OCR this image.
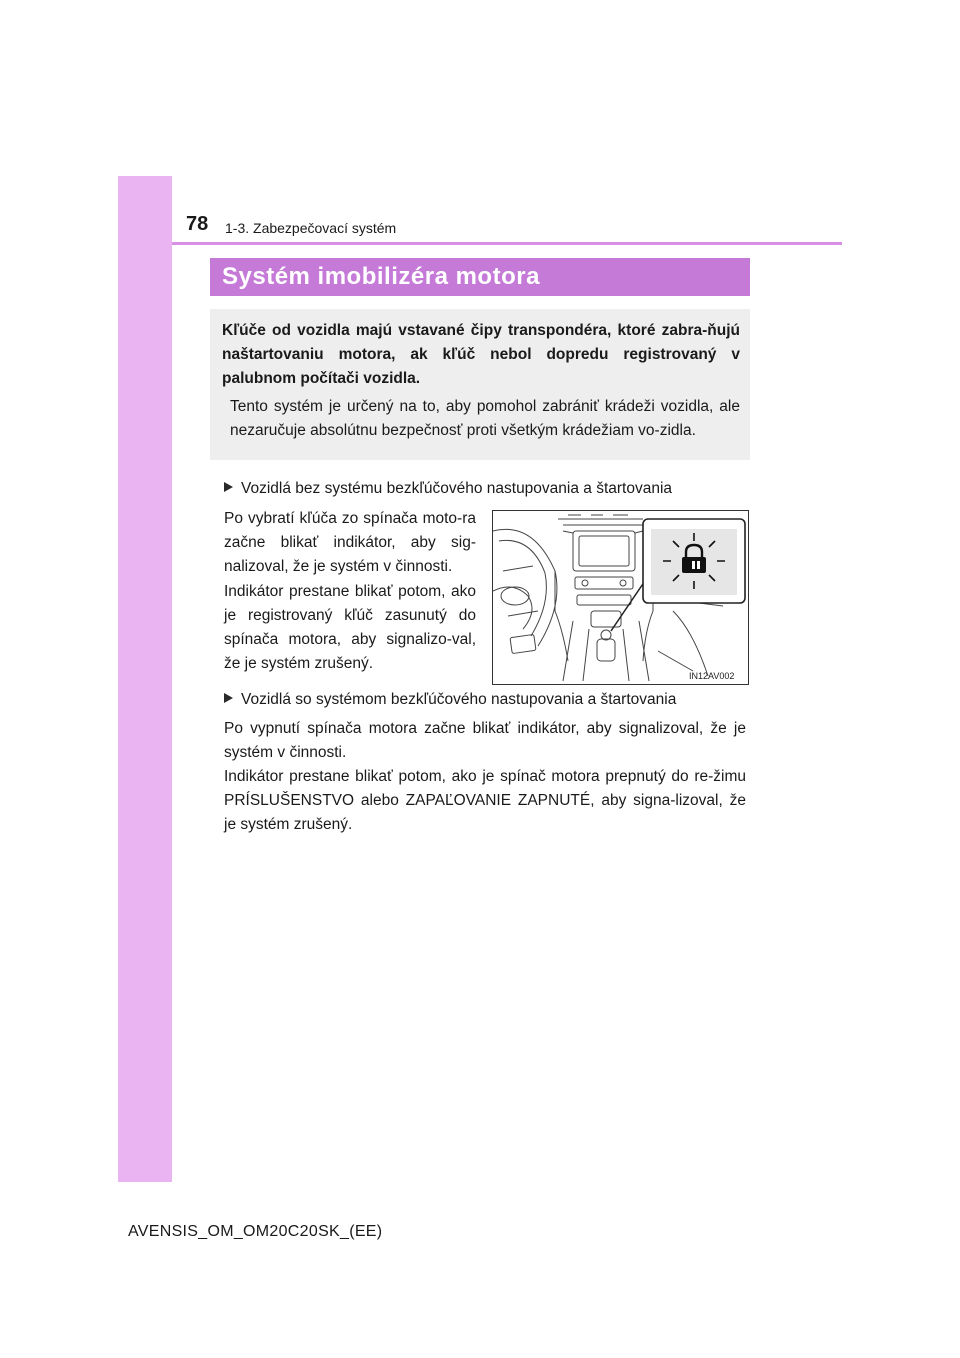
78 1-3. Zabezpečovací systém
Systém imobilizéra motora

Kľúče od vozidla majú vstavané čipy transpondéra, ktoré zabra-ňujú naštartovaniu motora, ak kľúč nebol dopredu registrovaný v palubnom počítači vozidla.

Tento systém je určený na to, aby pomohol zabrániť krádeži vozidla, ale nezaručuje absolútnu bezpečnosť proti všetkým krádežiam vo-zidla.

Vozidlá bez systému bezkľúčového nastupovania a štartovania

Po vybratí kľúča zo spínača moto-ra začne blikať indikátor, aby sig-nalizoval, že je systém v činnosti.

Indikátor prestane blikať potom, ako je registrovaný kľúč zasunutý do spínača motora, aby signalizo-val, že je systém zrušený.

IN12AV002
Vozidlá so systémom bezkľúčového nastupovania a štartovania

Po vypnutí spínača motora začne blikať indikátor, aby signalizoval, že je systém v činnosti.

Indikátor prestane blikať potom, ako je spínač motora prepnutý do re-žimu PRÍSLUŠENSTVO alebo ZAPAĽOVANIE ZAPNUTÉ, aby signa-lizoval, že je systém zrušený.

AVENSIS_OM_OM20C20SK_(EE)
